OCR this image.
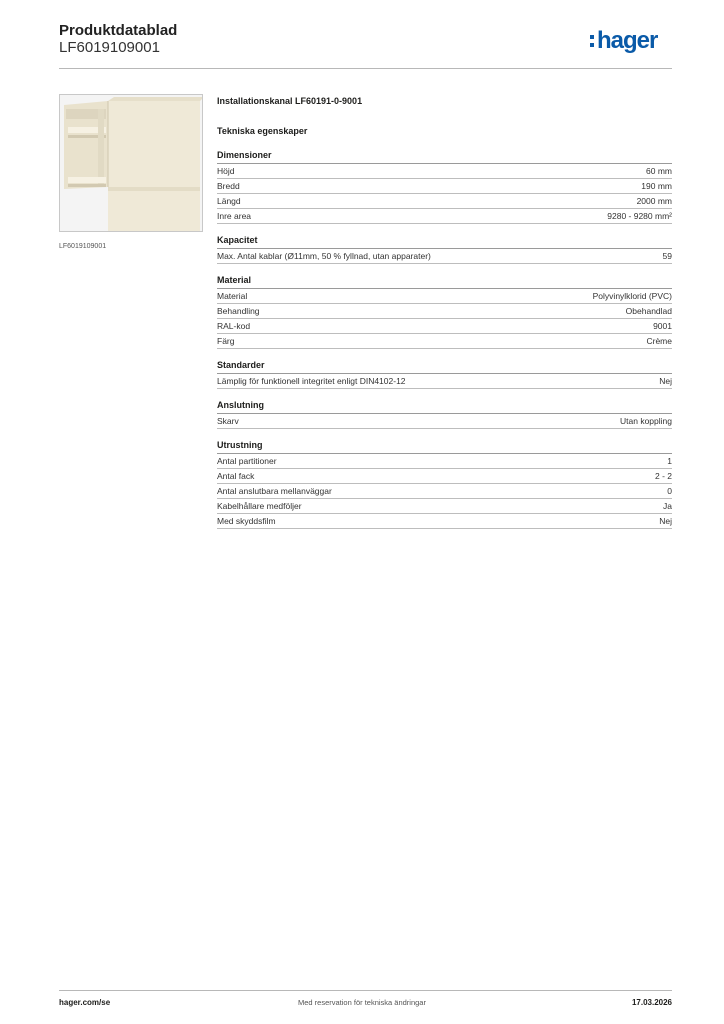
Produktdatablad
LF6019109001	hager
LF6019109001
Installationskanal LF60191-0-9001
Tekniska egenskaper
Dimensioner
Höjd	60 mm
Bredd	190 mm
Längd	2000 mm
Inre area	9280 - 9280 mm²
Kapacitet
Max. Antal kablar (Ø11mm, 50 % fyllnad, utan apparater)	59
Material
Material	Polyvinylklorid (PVC)
Behandling	Obehandlad
RAL-kod	9001
Färg	Crème
Standarder
Lämplig för funktionell integritet enligt DIN4102-12	Nej
Anslutning
Skarv	Utan koppling
Utrustning
Antal partitioner	1
Antal fack	2 - 2
Antal anslutbara mellanväggar	0
Kabelhållare medföljer	Ja
Med skyddsfilm	Nej
hager.com/se	Med reservation för tekniska ändringar	17.03.2026
